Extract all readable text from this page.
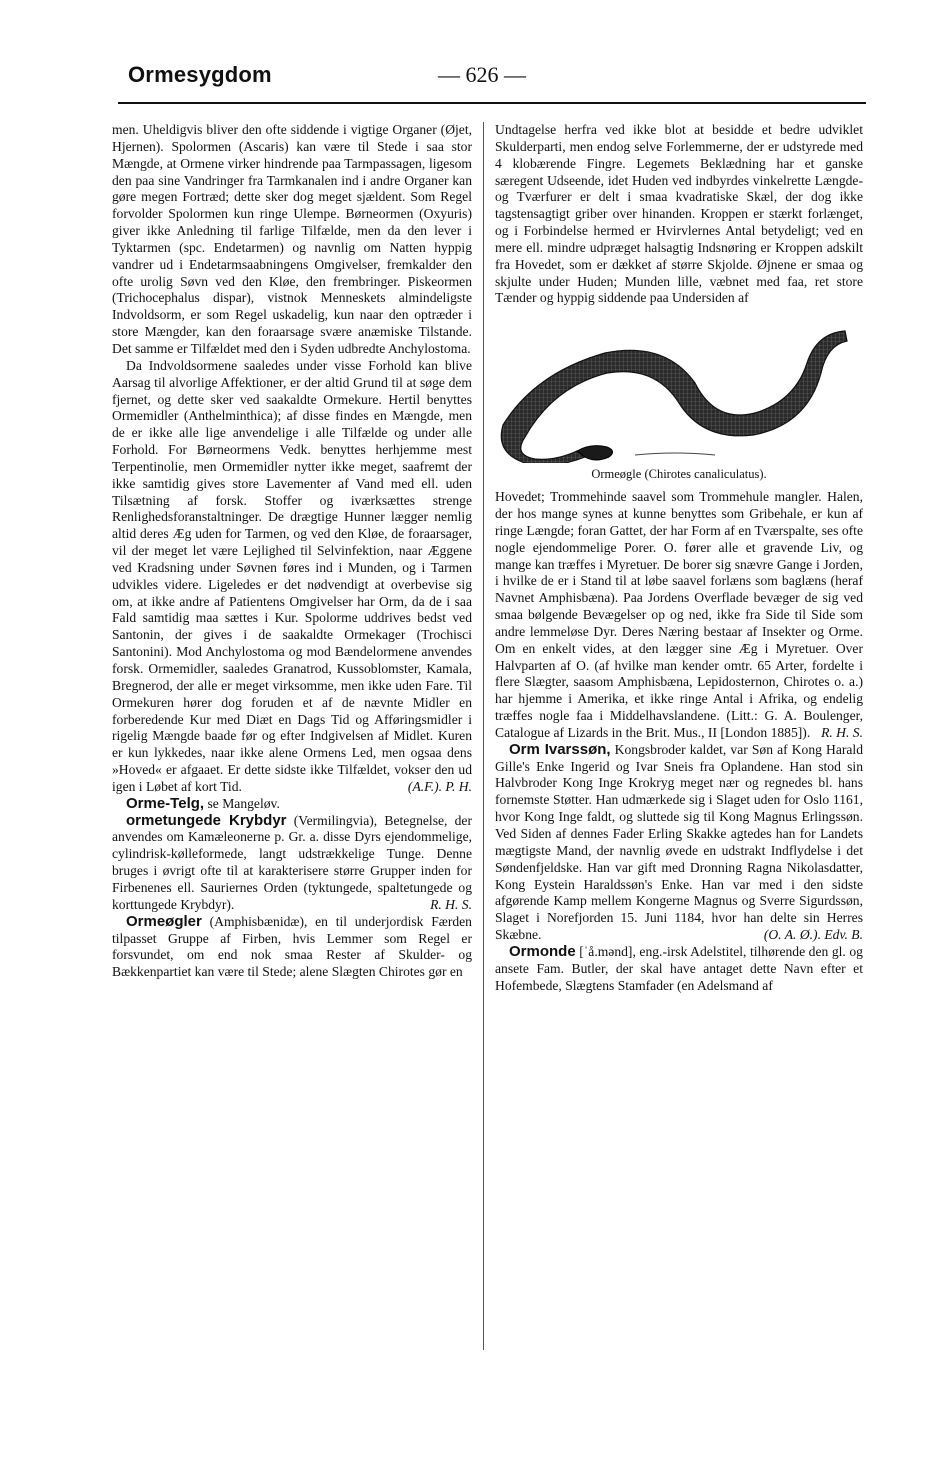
Ormesygdom	— 626 —

men. Uheldigvis bliver den ofte siddende i vigtige Organer (Øjet, Hjernen). Spolormen (Ascaris) kan være til Stede i saa stor Mængde, at Ormene virker hindrende paa Tarmpassagen, ligesom den paa sine Vandringer fra Tarmkanalen ind i andre Organer kan gøre megen Fortræd; dette sker dog meget sjældent. Som Regel forvolder Spolormen kun ringe Ulempe. Børneormen (Oxyuris) giver ikke Anledning til farlige Tilfælde, men da den lever i Tyktarmen (spc. Endetarmen) og navnlig om Natten hyppig vandrer ud i Endetarmsaabningens Omgivelser, fremkalder den ofte urolig Søvn ved den Kløe, den frembringer. Piskeormen (Trichocephalus dispar), vistnok Menneskets almindeligste Indvoldsorm, er som Regel uskadelig, kun naar den optræder i store Mængder, kan den foraarsage svære anæmiske Tilstande. Det samme er Tilfældet med den i Syden udbredte Anchylostoma.

Da Indvoldsormene saaledes under visse Forhold kan blive Aarsag til alvorlige Affektioner, er der altid Grund til at søge dem fjernet, og dette sker ved saakaldte Ormekure. Hertil benyttes Ormemidler (Anthelminthica); af disse findes en Mængde, men de er ikke alle lige anvendelige i alle Tilfælde og under alle Forhold. For Børneormens Vedk. benyttes herhjemme mest Terpentinolie, men Ormemidler nytter ikke meget, saafremt der ikke samtidig gives store Lavementer af Vand med ell. uden Tilsætning af forsk. Stoffer og iværksættes strenge Renlighedsforanstaltninger. De drægtige Hunner lægger nemlig altid deres Æg uden for Tarmen, og ved den Kløe, de foraarsager, vil der meget let være Lejlighed til Selvinfektion, naar Æggene ved Kradsning under Søvnen føres ind i Munden, og i Tarmen udvikles videre. Ligeledes er det nødvendigt at overbevise sig om, at ikke andre af Patientens Omgivelser har Orm, da de i saa Fald samtidig maa sættes i Kur. Spolorme uddrives bedst ved Santonin, der gives i de saakaldte Ormekager (Trochisci Santonini). Mod Anchylostoma og mod Bændelormene anvendes forsk. Ormemidler, saaledes Granatrod, Kussoblomster, Kamala, Bregnerod, der alle er meget virksomme, men ikke uden Fare. Til Ormekuren hører dog foruden et af de nævnte Midler en forberedende Kur med Diæt en Dags Tid og Afføringsmidler i rigelig Mængde baade før og efter Indgivelsen af Midlet. Kuren er kun lykkedes, naar ikke alene Ormens Led, men ogsaa dens »Hoved« er afgaaet. Er dette sidste ikke Tilfældet, vokser den ud igen i Løbet af kort Tid.	(A.F.). P. H.

Orme-Telg, se Mangeløv.

ormetungede Krybdyr (Vermilingvia), Betegnelse, der anvendes om Kamæleonerne p. Gr. a. disse Dyrs ejendommelige, cylindrisk-kølleformede, langt udstrækkelige Tunge. Denne bruges i øvrigt ofte til at karakterisere større Grupper inden for Firbenenes ell. Sauriernes Orden (tyktungede, spaltetungede og korttungede Krybdyr).	R. H. S.

Ormeøgler (Amphisbænidæ), en til underjordisk Færden tilpasset Gruppe af Firben, hvis Lemmer som Regel er forsvundet, om end nok smaa Rester af Skulder- og Bækkenpartiet kan være til Stede; alene Slægten Chirotes gør en

Undtagelse herfra ved ikke blot at besidde et bedre udviklet Skulderparti, men endog selve Forlemmerne, der er udstyrede med 4 klobærende Fingre. Legemets Beklædning har et ganske særegent Udseende, idet Huden ved indbyrdes vinkelrette Længde- og Tværfurer er delt i smaa kvadratiske Skæl, der dog ikke tagstensagtigt griber over hinanden. Kroppen er stærkt forlænget, og i Forbindelse hermed er Hvirvlernes Antal betydeligt; ved en mere ell. mindre udpræget halsagtig Indsnøring er Kroppen adskilt fra Hovedet, som er dækket af større Skjolde. Øjnene er smaa og skjulte under Huden; Munden lille, væbnet med faa, ret store Tænder og hyppig siddende paa Undersiden af

Ormeøgle (Chirotes canaliculatus).

Hovedet; Trommehinde saavel som Trommehule mangler. Halen, der hos mange synes at kunne benyttes som Gribehale, er kun af ringe Længde; foran Gattet, der har Form af en Tværspalte, ses ofte nogle ejendommelige Porer. O. fører alle et gravende Liv, og mange kan træffes i Myretuer. De borer sig snævre Gange i Jorden, i hvilke de er i Stand til at løbe saavel forlæns som baglæns (heraf Navnet Amphisbæna). Paa Jordens Overflade bevæger de sig ved smaa bølgende Bevægelser op og ned, ikke fra Side til Side som andre lemmeløse Dyr. Deres Næring bestaar af Insekter og Orme. Om en enkelt vides, at den lægger sine Æg i Myretuer. Over Halvparten af O. (af hvilke man kender omtr. 65 Arter, fordelte i flere Slægter, saasom Amphisbæna, Lepidosternon, Chirotes o. a.) har hjemme i Amerika, et ikke ringe Antal i Afrika, og endelig træffes nogle faa i Middelhavslandene. (Litt.: G. A. Boulenger, Catalogue af Lizards in the Brit. Mus., II [London 1885]). R. H. S.

Orm Ivarssøn, Kongsbroder kaldet, var Søn af Kong Harald Gille's Enke Ingerid og Ivar Sneis fra Oplandene. Han stod sin Halvbroder Kong Inge Krokryg meget nær og regnedes bl. hans fornemste Støtter. Han udmærkede sig i Slaget uden for Oslo 1161, hvor Kong Inge faldt, og sluttede sig til Kong Magnus Erlingssøn. Ved Siden af dennes Fader Erling Skakke agtedes han for Landets mægtigste Mand, der navnlig øvede en udstrakt Indflydelse i det Søndenfjeldske. Han var gift med Dronning Ragna Nikolasdatter, Kong Eystein Haraldssøn's Enke. Han var med i den sidste afgørende Kamp mellem Kongerne Magnus og Sverre Sigurdssøn, Slaget i Norefjorden 15. Juni 1184, hvor han delte sin Herres Skæbne.	(O. A. Ø.). Edv. B.

Ormonde [ˈå.mənd], eng.-irsk Adelstitel, tilhørende den gl. og ansete Fam. Butler, der skal have antaget dette Navn efter et Hofembede, Slægtens Stamfader (en Adelsmand af
